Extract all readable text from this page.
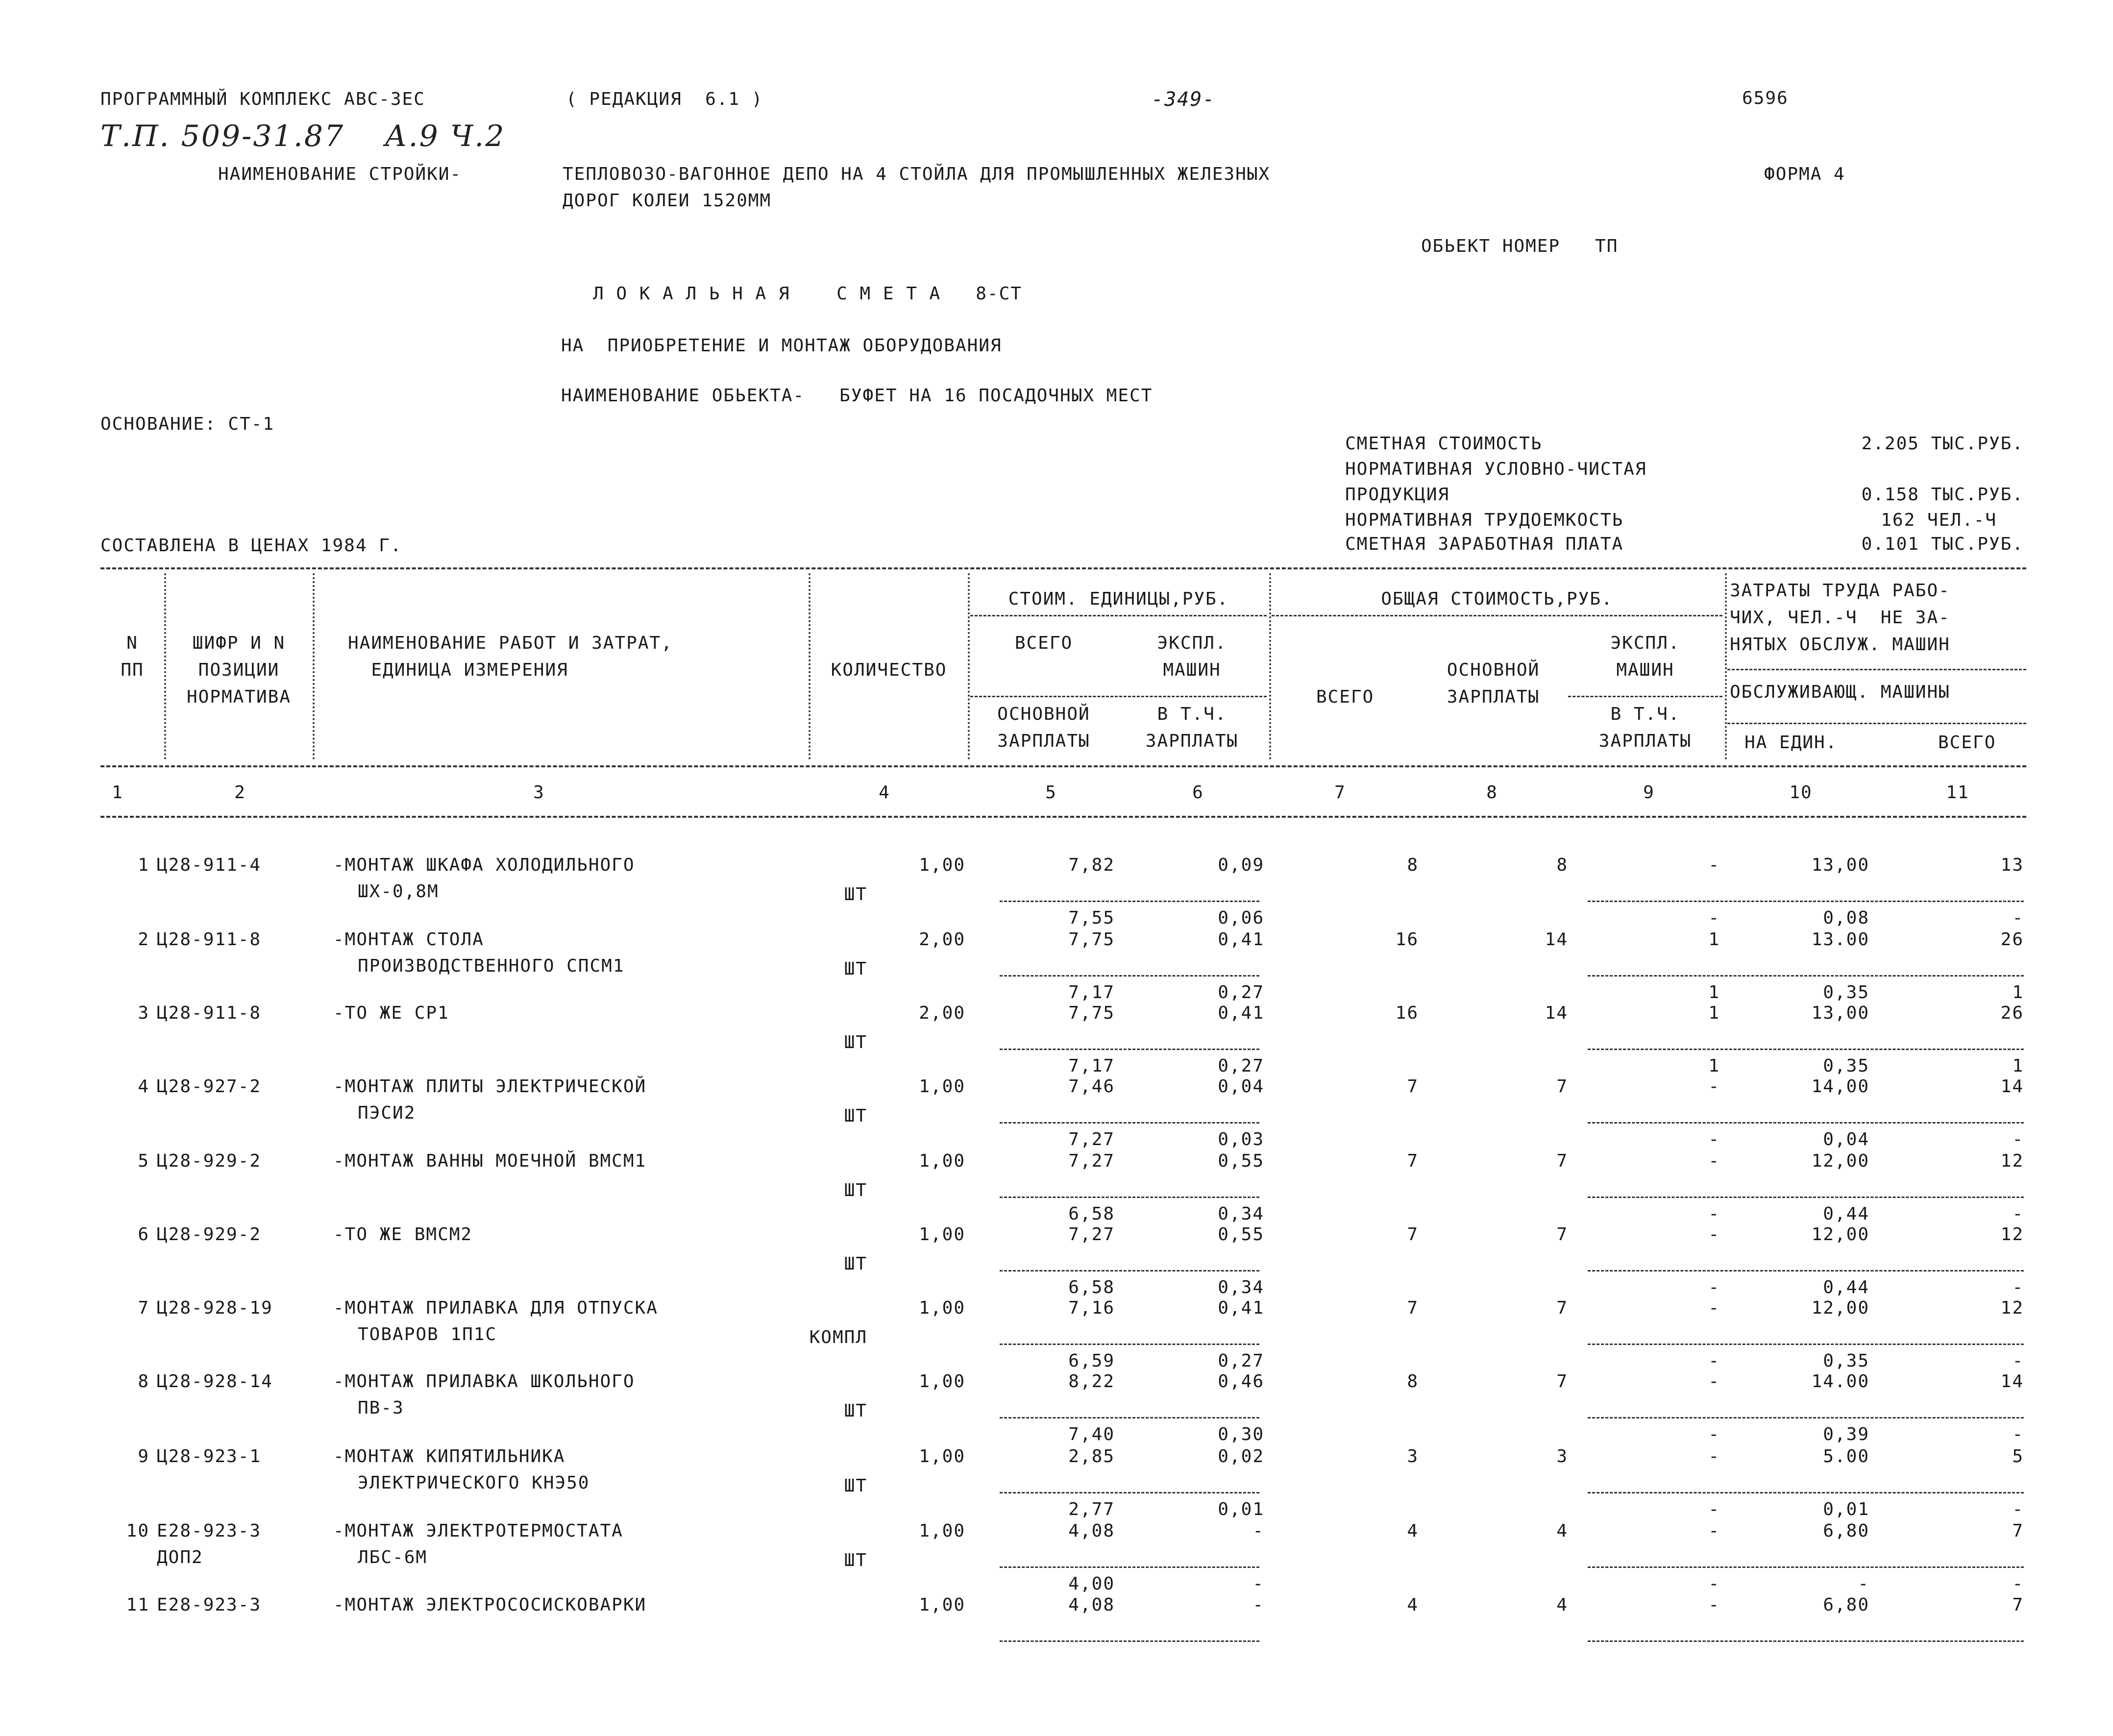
ПРОГРАММНЫЙ КОМПЛЕКС АВС-3ЕС	( РЕДАКЦИЯ  6.1 )	-349-	6596
Т.П. 509-31.87 А.9 Ч.2
НАИМЕНОВАНИЕ СТРОЙКИ-	ТЕПЛОВОЗО-ВАГОННОЕ ДЕПО НА 4 СТОЙЛА ДЛЯ ПРОМЫШЛЕННЫХ ЖЕЛЕЗНЫХ
ДОРОГ КОЛЕИ 1520ММ
ФОРМА 4
ОБЬЕКТ НОМЕР   ТП
Л О К А Л Ь Н А Я    С М Е Т А   8-СТ
НА  ПРИОБРЕТЕНИЕ И МОНТАЖ ОБОРУДОВАНИЯ
НАИМЕНОВАНИЕ ОБЬЕКТА-   БУФЕТ НА 16 ПОСАДОЧНЫХ МЕСТ
ОСНОВАНИЕ: СТ-1
СМЕТНАЯ СТОИМОСТЬ	2.205 ТЫС.РУБ.
НОРМАТИВНАЯ УСЛОВНО-ЧИСТАЯ
ПРОДУКЦИЯ	0.158 ТЫС.РУБ.
НОРМАТИВНАЯ ТРУДОЕМКОСТЬ	162 ЧЕЛ.-Ч
СМЕТНАЯ ЗАРАБОТНАЯ ПЛАТА	0.101 ТЫС.РУБ.
СОСТАВЛЕНА В ЦЕНАХ 1984 Г.
N
ПП
ШИФР И N
ПОЗИЦИИ
НОРМАТИВА
НАИМЕНОВАНИЕ РАБОТ И ЗАТРАТ,
ЕДИНИЦА ИЗМЕРЕНИЯ	КОЛИЧЕСТВО
СТОИМ. ЕДИНИЦЫ,РУБ.
ВСЕГО	ЭКСПЛ.
МАШИН
ОСНОВНОЙ
ЗАРПЛАТЫ
В Т.Ч.
ЗАРПЛАТЫ
ОБЩАЯ СТОИМОСТЬ,РУБ.
ВСЕГО
ОСНОВНОЙ
ЗАРПЛАТЫ
ЭКСПЛ.
МАШИН
В Т.Ч.
ЗАРПЛАТЫ
ЗАТРАТЫ ТРУДА РАБО-
ЧИХ, ЧЕЛ.-Ч  НЕ ЗА-
НЯТЫХ ОБСЛУЖ. МАШИН
ОБСЛУЖИВАЮЩ. МАШИНЫ
НА ЕДИН.	ВСЕГО
1	2	3	4	5	6	7	8	9	10	11
1 Ц28-911-4	-МОНТАЖ ШКАФА ХОЛОДИЛЬНОГО
ШХ-0,8М
1,00	7,82	0,09	8	8	-	13,00	13
ШТ
7,55	0,06	-	0,08	-
2 Ц28-911-8	-МОНТАЖ СТОЛА
ПРОИЗВОДСТВЕННОГО СПСМ1
2,00	7,75	0,41	16	14	1	13.00	26
ШТ
7,17	0,27	1	0,35	1
3 Ц28-911-8	-ТО ЖЕ СР1	2,00	7,75	0,41	16	14	1	13,00	26
ШТ
7,17	0,27	1	0,35	1
4 Ц28-927-2	-МОНТАЖ ПЛИТЫ ЭЛЕКТРИЧЕСКОЙ
ПЭСИ2
1,00	7,46	0,04	7	7	-	14,00	14
ШТ
7,27	0,03	-	0,04	-
5 Ц28-929-2	-МОНТАЖ ВАННЫ МОЕЧНОЙ ВМСМ1	1,00	7,27	0,55	7	7	-	12,00	12
ШТ
6,58	0,34	-	0,44	-
6 Ц28-929-2	-ТО ЖЕ ВМСМ2	1,00	7,27	0,55	7	7	-	12,00	12
ШТ
6,58	0,34	-	0,44	-
7 Ц28-928-19	-МОНТАЖ ПРИЛАВКА ДЛЯ ОТПУСКА
ТОВАРОВ 1П1С
1,00	7,16	0,41	7	7	-	12,00	12
КОМПЛ
6,59	0,27	-	0,35	-
8 Ц28-928-14	-МОНТАЖ ПРИЛАВКА ШКОЛЬНОГО
ПВ-3
1,00	8,22	0,46	8	7	-	14.00	14
ШТ
7,40	0,30	-	0,39	-
9 Ц28-923-1	-МОНТАЖ КИПЯТИЛЬНИКА
ЭЛЕКТРИЧЕСКОГО КНЭ50
1,00	2,85	0,02	3	3	-	5.00	5
ШТ
2,77	0,01	-	0,01	-
10 Е28-923-3
ДОП2
-МОНТАЖ ЭЛЕКТРОТЕРМОСТАТА
ЛБС-6М
1,00	4,08	-	4	4	-	6,80	7
ШТ
4,00	-	-	-	-
11 Е28-923-3	-МОНТАЖ ЭЛЕКТРОСОСИСКОВАРКИ	1,00	4,08	-	4	4	-	6,80	7
